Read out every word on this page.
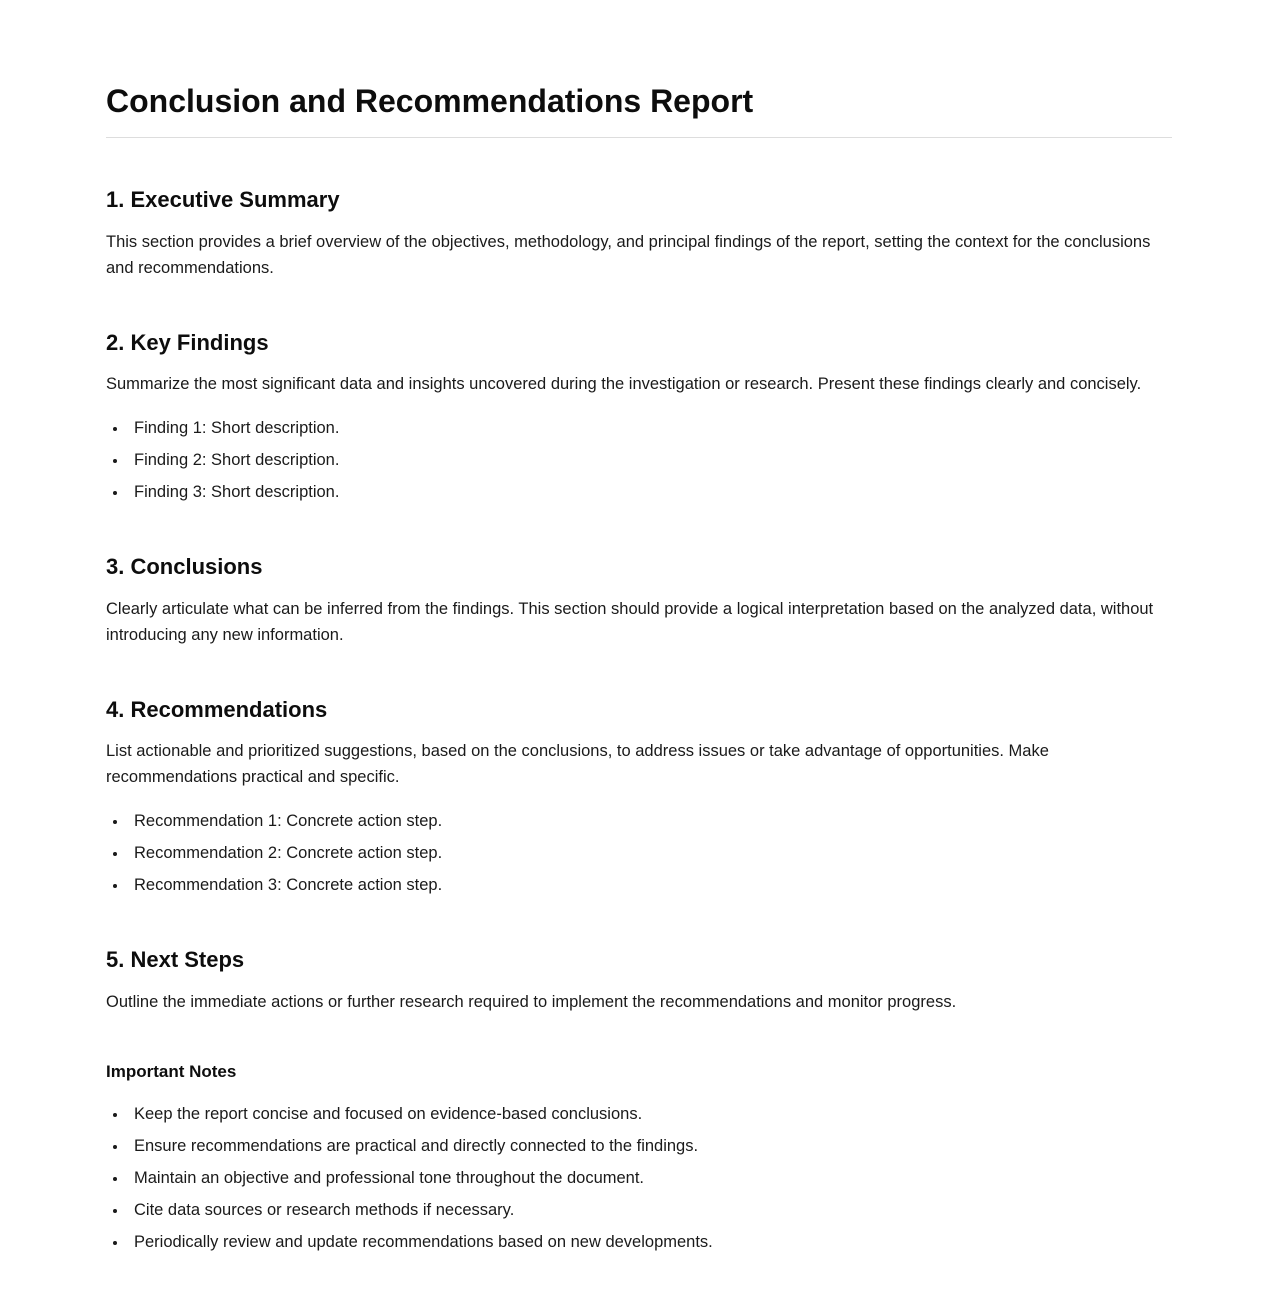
Conclusion and Recommendations Report
1. Executive Summary

This section provides a brief overview of the objectives, methodology, and principal findings of the report, setting the context for the conclusions and recommendations.

2. Key Findings

Summarize the most significant data and insights uncovered during the investigation or research. Present these findings clearly and concisely.

• Finding 1: Short description.
• Finding 2: Short description.
• Finding 3: Short description.
3. Conclusions

Clearly articulate what can be inferred from the findings. This section should provide a logical interpretation based on the analyzed data, without introducing any new information.

4. Recommendations

List actionable and prioritized suggestions, based on the conclusions, to address issues or take advantage of opportunities. Make recommendations practical and specific.

• Recommendation 1: Concrete action step.
• Recommendation 2: Concrete action step.
• Recommendation 3: Concrete action step.
5. Next Steps

Outline the immediate actions or further research required to implement the recommendations and monitor progress.

Important Notes
• Keep the report concise and focused on evidence-based conclusions.
• Ensure recommendations are practical and directly connected to the findings.
• Maintain an objective and professional tone throughout the document.
• Cite data sources or research methods if necessary.
• Periodically review and update recommendations based on new developments.
